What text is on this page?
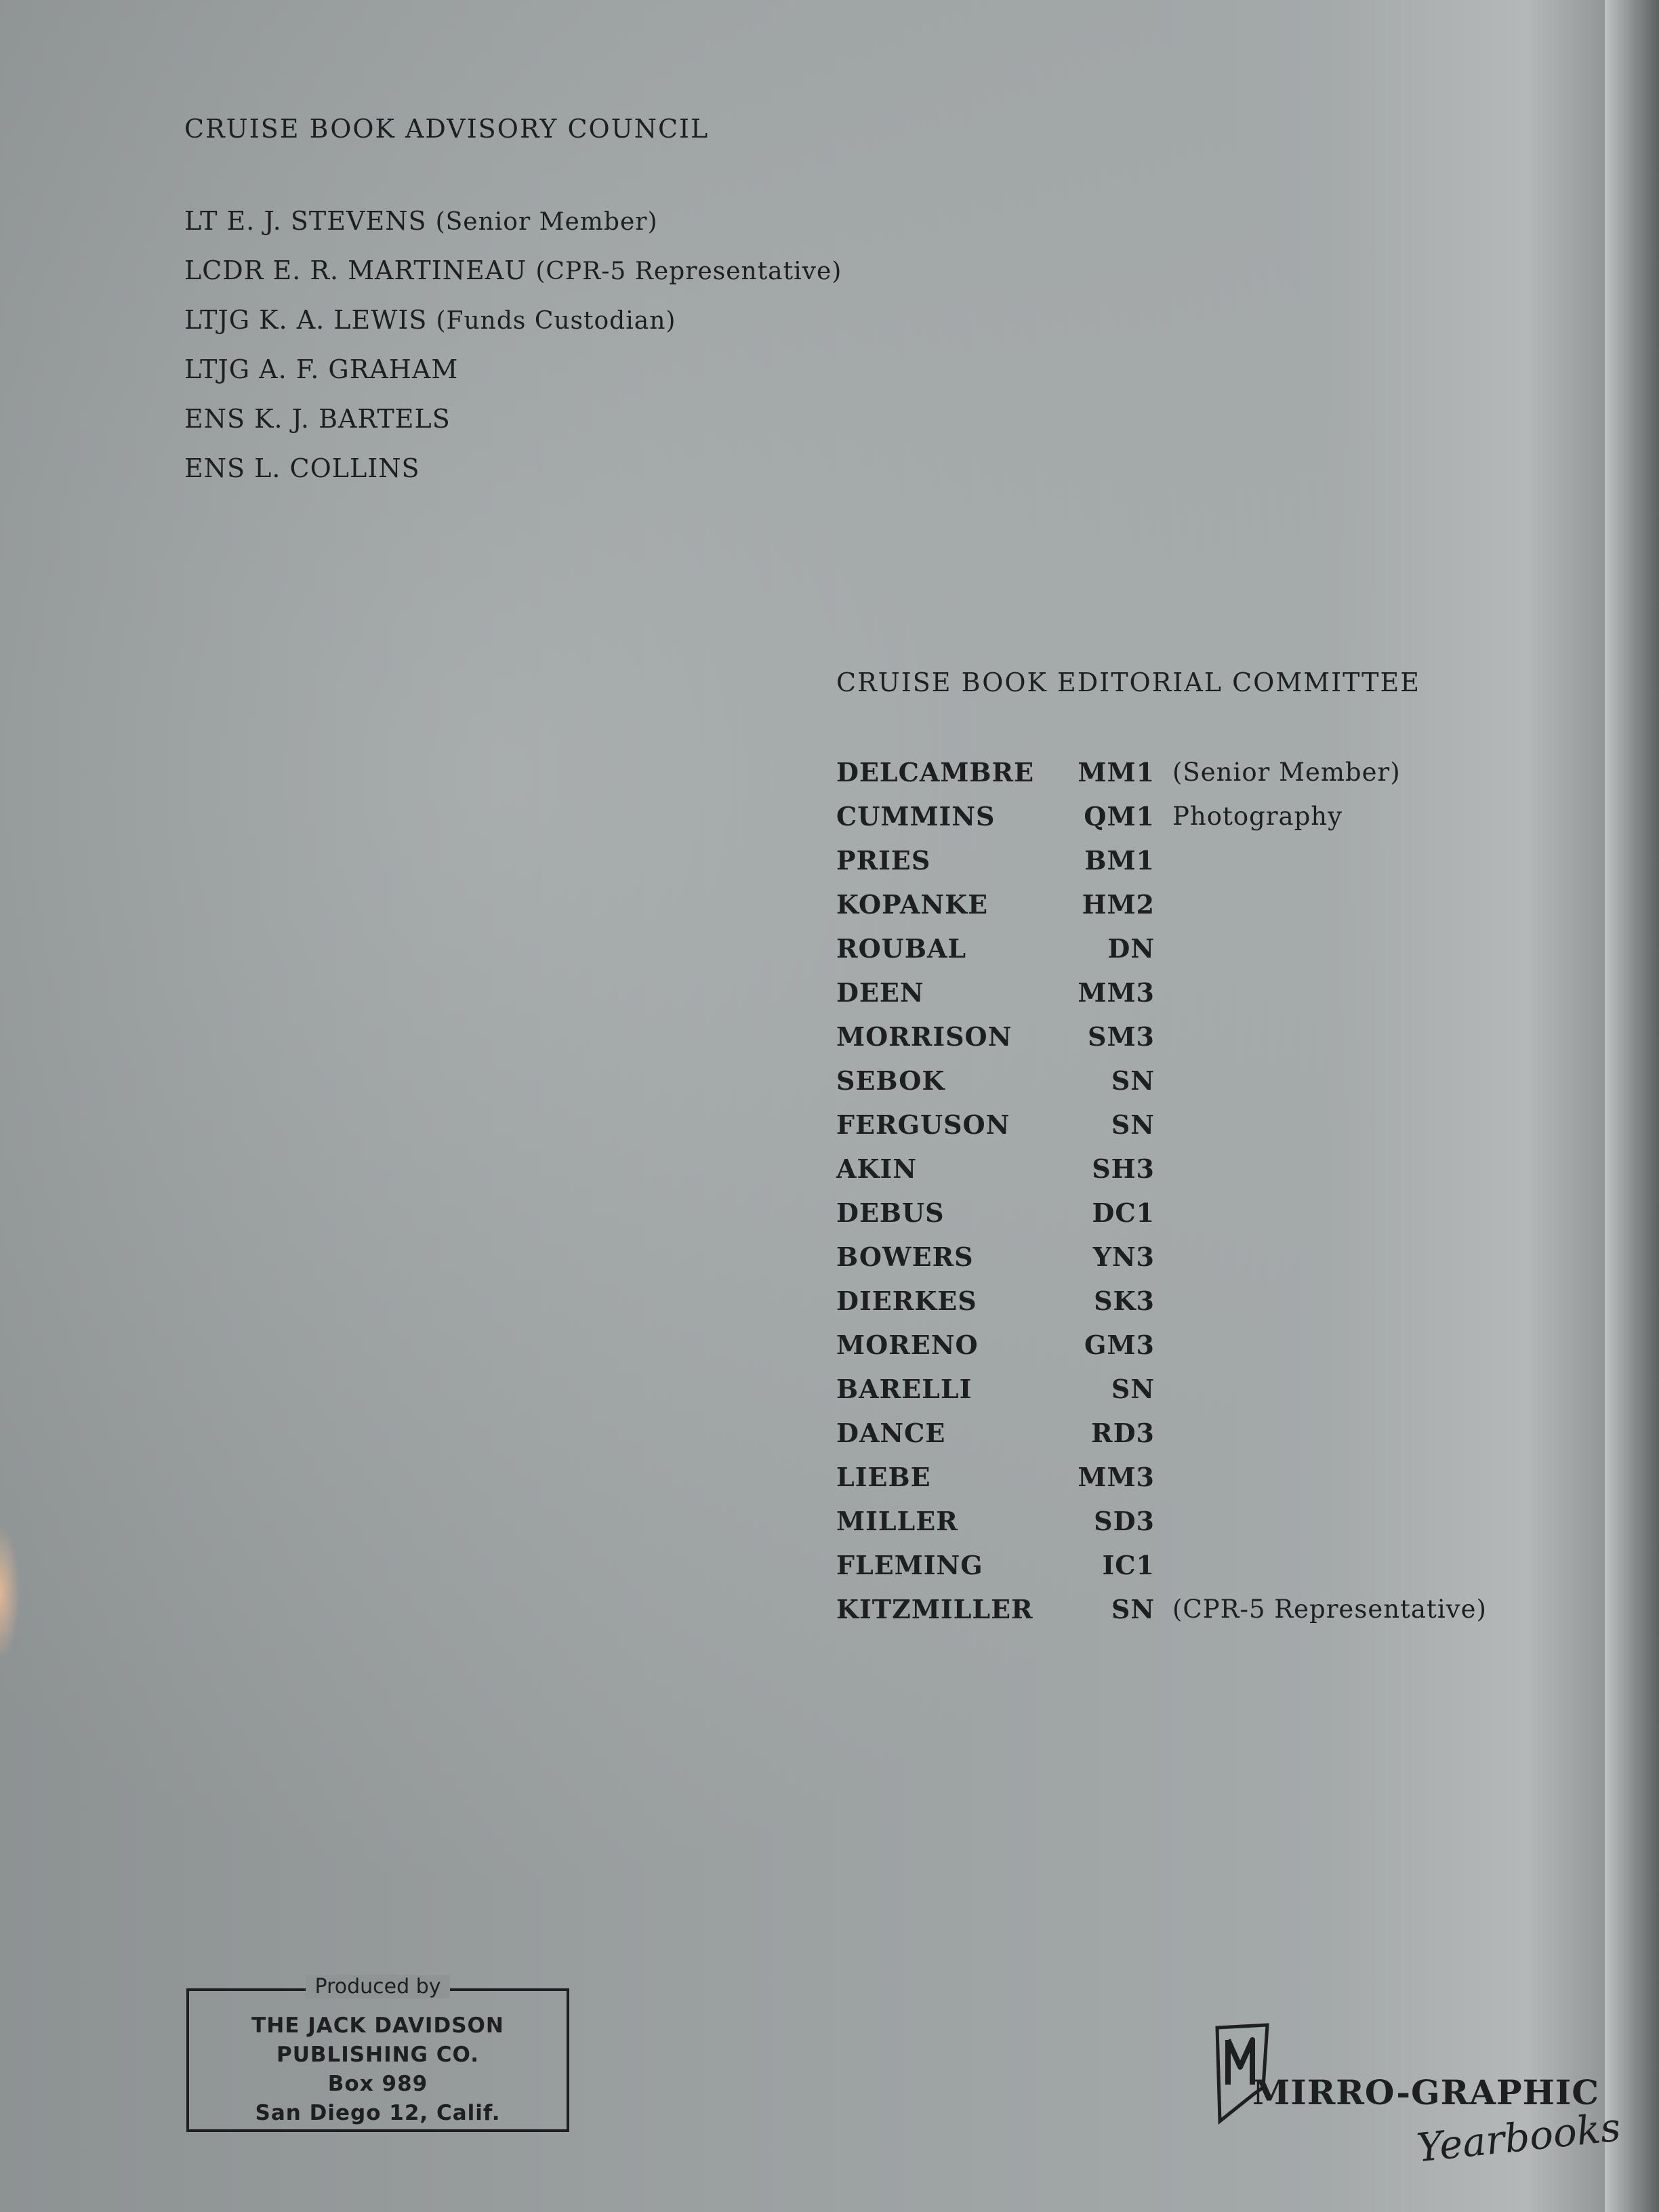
CRUISE BOOK ADVISORY COUNCIL
LT E. J. STEVENS (Senior Member)
LCDR E. R. MARTINEAU (CPR-5 Representative)
LTJG K. A. LEWIS (Funds Custodian)
LTJG A. F. GRAHAM
ENS K. J. BARTELS
ENS L. COLLINS
CRUISE BOOK EDITORIAL COMMITTEE
DELCAMBRE	MM1	(Senior Member)
CUMMINS	QM1	Photography
PRIES	BM1	
KOPANKE	HM2	
ROUBAL	DN	
DEEN	MM3	
MORRISON	SM3	
SEBOK	SN	
FERGUSON	SN	
AKIN	SH3	
DEBUS	DC1	
BOWERS	YN3	
DIERKES	SK3	
MORENO	GM3	
BARELLI	SN	
DANCE	RD3	
LIEBE	MM3	
MILLER	SD3	
FLEMING	IC1	
KITZMILLER	SN	(CPR-5 Representative)
Produced by
THE JACK DAVIDSON
PUBLISHING CO.
Box 989
San Diego 12, Calif.
MIRRO-GRAPHIC
Yearbooks
